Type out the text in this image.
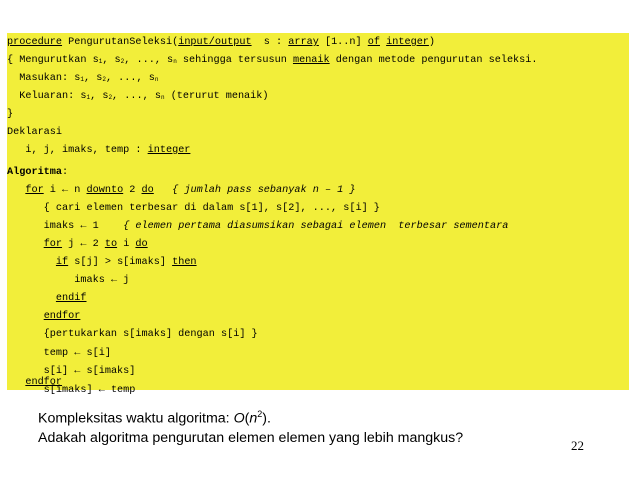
procedure PengurutanSeleksi(input/output  s : array [1..n] of integer)
{ Mengurutkan s1, s2, ..., sn sehingga tersusun menaik dengan metode pengurutan seleksi.
Masukan: s1, s2, ..., sn
Keluaran: s1, s2, ..., sn (terurut menaik)
}
Deklarasi
i, j, imaks, temp : integer
Algoritma:
for i ← n downto 2 do { jumlah pass sebanyak n – 1 }
{ cari elemen terbesar di dalam s[1], s[2], ..., s[i] }
imaks ← 1    { elemen pertama diasumsikan sebagai elemen  terbesar sementara
for j ← 2 to i do
if s[j] > s[imaks] then
imaks ← j
endif
endfor
{pertukarkan s[imaks] dengan s[i] }
temp ← s[i]
s[i] ← s[imaks]
s[imaks] ← temp
endfor
Kompleksitas waktu algoritma: $O(n^2)$.
Adakah algoritma pengurutan elemen elemen yang lebih mangkus?	22
